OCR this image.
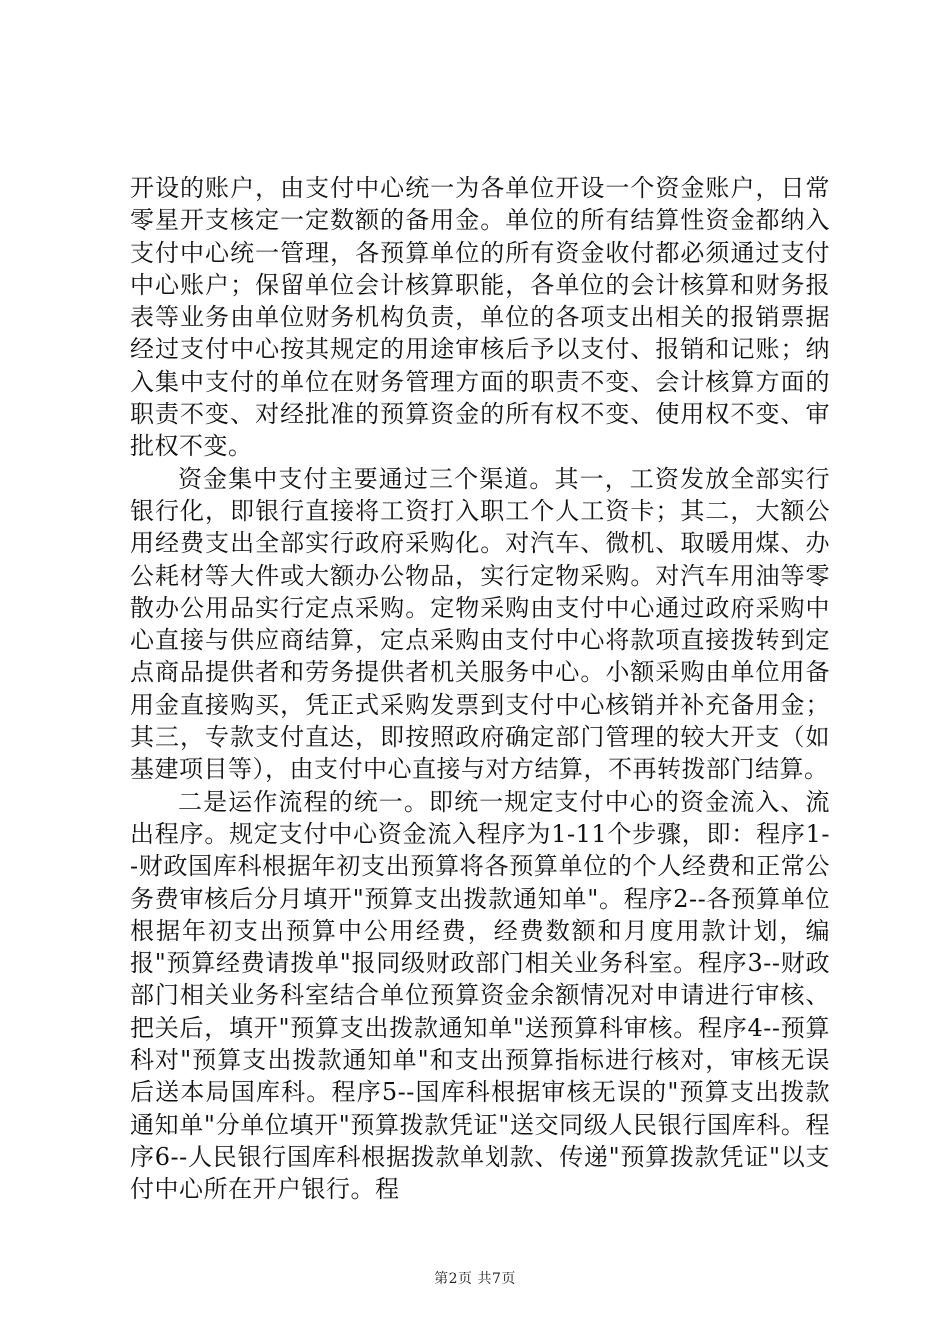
开设的账户，由支付中心统一为各单位开设一个资金账户，日常零星开支核定一定数额的备用金。单位的所有结算性资金都纳入支付中心统一管理，各预算单位的所有资金收付都必须通过支付中心账户；保留单位会计核算职能，各单位的会计核算和财务报表等业务由单位财务机构负责，单位的各项支出相关的报销票据经过支付中心按其规定的用途审核后予以支付、报销和记账；纳入集中支付的单位在财务管理方面的职责不变、会计核算方面的职责不变、对经批准的预算资金的所有权不变、使用权不变、审批权不变。

资金集中支付主要通过三个渠道。其一，工资发放全部实行银行化，即银行直接将工资打入职工个人工资卡；其二，大额公用经费支出全部实行政府采购化。对汽车、微机、取暖用煤、办公耗材等大件或大额办公物品，实行定物采购。对汽车用油等零散办公用品实行定点采购。定物采购由支付中心通过政府采购中心直接与供应商结算，定点采购由支付中心将款项直接拨转到定点商品提供者和劳务提供者机关服务中心。小额采购由单位用备用金直接购买，凭正式采购发票到支付中心核销并补充备用金；其三，专款支付直达，即按照政府确定部门管理的较大开支（如基建项目等），由支付中心直接与对方结算，不再转拨部门结算。

二是运作流程的统一。即统一规定支付中心的资金流入、流出程序。规定支付中心资金流入程序为1-11个步骤，即：程序1--财政国库科根据年初支出预算将各预算单位的个人经费和正常公务费审核后分月填开"预算支出拨款通知单"。程序2--各预算单位根据年初支出预算中公用经费，经费数额和月度用款计划，编报"预算经费请拨单"报同级财政部门相关业务科室。程序3--财政部门相关业务科室结合单位预算资金余额情况对申请进行审核、把关后，填开"预算支出拨款通知单"送预算科审核。程序4--预算科对"预算支出拨款通知单"和支出预算指标进行核对，审核无误后送本局国库科。程序5--国库科根据审核无误的"预算支出拨款通知单"分单位填开"预算拨款凭证"送交同级人民银行国库科。程序6--人民银行国库科根据拨款单划款、传递"预算拨款凭证"以支付中心所在开户银行。程

第2页 共7页
